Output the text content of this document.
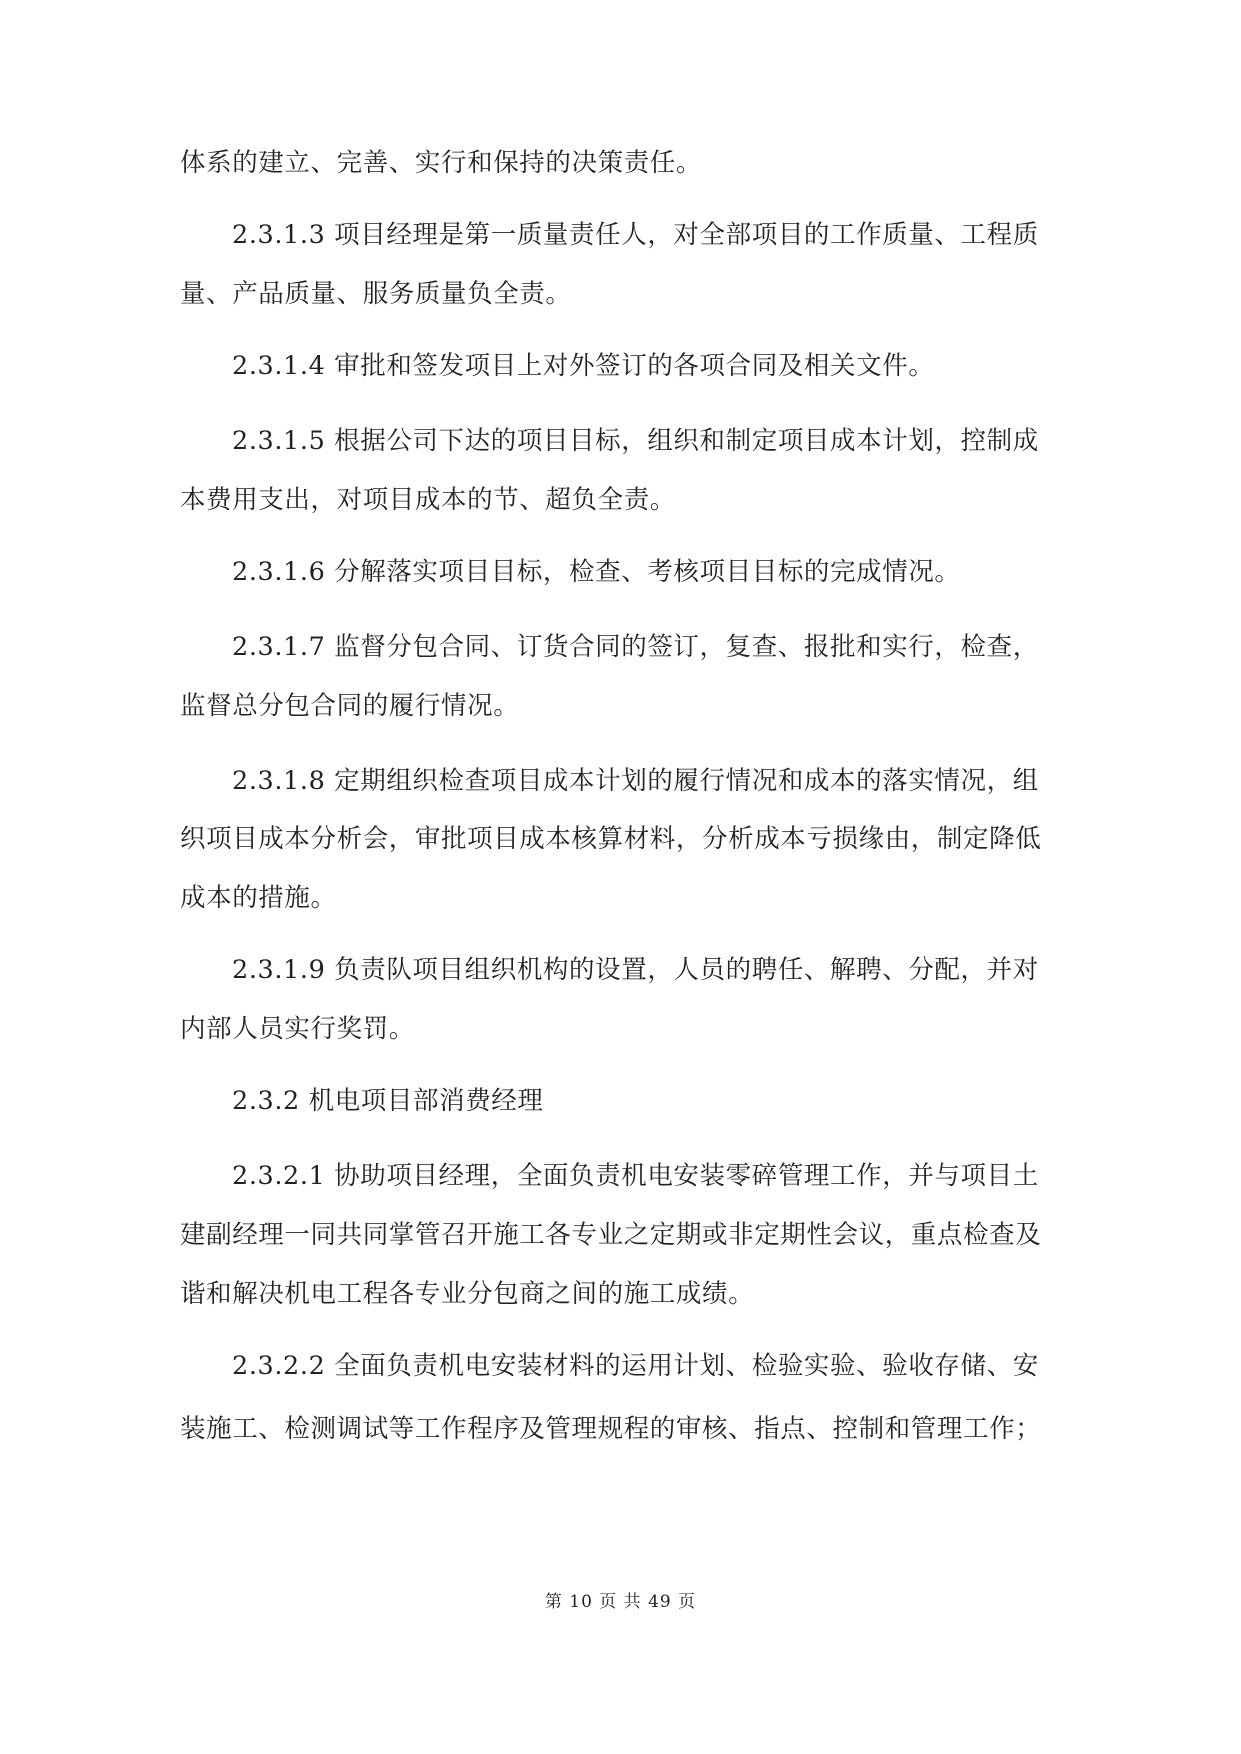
体系的建立、完善、实行和保持的决策责任。
2.3.1.3 项目经理是第一质量责任人，对全部项目的工作质量、工程质
量、产品质量、服务质量负全责。
2.3.1.4 审批和签发项目上对外签订的各项合同及相关文件。
2.3.1.5 根据公司下达的项目目标，组织和制定项目成本计划，控制成
本费用支出，对项目成本的节、超负全责。
2.3.1.6 分解落实项目目标，检查、考核项目目标的完成情况。
2.3.1.7 监督分包合同、订货合同的签订，复查、报批和实行，检查，
监督总分包合同的履行情况。
2.3.1.8 定期组织检查项目成本计划的履行情况和成本的落实情况，组
织项目成本分析会，审批项目成本核算材料，分析成本亏损缘由，制定降低
成本的措施。
2.3.1.9 负责队项目组织机构的设置，人员的聘任、解聘、分配，并对
内部人员实行奖罚。
2.3.2 机电项目部消费经理
2.3.2.1 协助项目经理，全面负责机电安装零碎管理工作，并与项目土
建副经理一同共同掌管召开施工各专业之定期或非定期性会议，重点检查及
谐和解决机电工程各专业分包商之间的施工成绩。
2.3.2.2 全面负责机电安装材料的运用计划、检验实验、验收存储、安
装施工、检测调试等工作程序及管理规程的审核、指点、控制和管理工作；
第 10 页 共 49 页
